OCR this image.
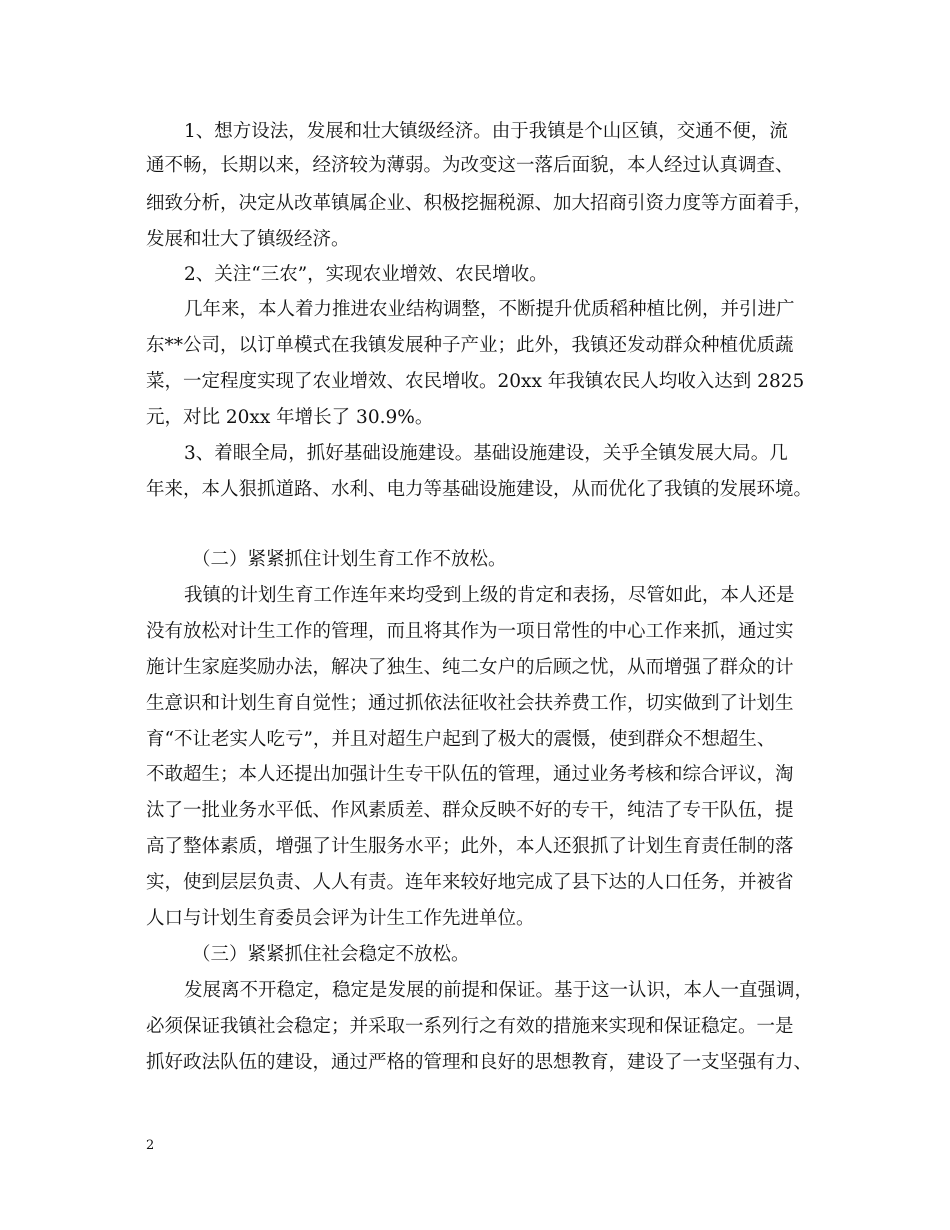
1、想方设法，发展和壮大镇级经济。由于我镇是个山区镇，交通不便，流
通不畅，长期以来，经济较为薄弱。为改变这一落后面貌，本人经过认真调查、
细致分析，决定从改革镇属企业、积极挖掘税源、加大招商引资力度等方面着手，
发展和壮大了镇级经济。
2、关注“三农”，实现农业增效、农民增收。
几年来，本人着力推进农业结构调整，不断提升优质稻种植比例，并引进广
东**公司，以订单模式在我镇发展种子产业；此外，我镇还发动群众种植优质蔬
菜，一定程度实现了农业增效、农民增收。20xx 年我镇农民人均收入达到 2825
元，对比 20xx 年增长了 30.9%。
3、着眼全局，抓好基础设施建设。基础设施建设，关乎全镇发展大局。几
年来，本人狠抓道路、水利、电力等基础设施建设，从而优化了我镇的发展环境。
（二）紧紧抓住计划生育工作不放松。
我镇的计划生育工作连年来均受到上级的肯定和表扬，尽管如此，本人还是
没有放松对计生工作的管理，而且将其作为一项日常性的中心工作来抓，通过实
施计生家庭奖励办法，解决了独生、纯二女户的后顾之忧，从而增强了群众的计
生意识和计划生育自觉性；通过抓依法征收社会扶养费工作，切实做到了计划生
育“不让老实人吃亏”，并且对超生户起到了极大的震慑，使到群众不想超生、
不敢超生；本人还提出加强计生专干队伍的管理，通过业务考核和综合评议，淘
汰了一批业务水平低、作风素质差、群众反映不好的专干，纯洁了专干队伍，提
高了整体素质，增强了计生服务水平；此外，本人还狠抓了计划生育责任制的落
实，使到层层负责、人人有责。连年来较好地完成了县下达的人口任务，并被省
人口与计划生育委员会评为计生工作先进单位。
（三）紧紧抓住社会稳定不放松。
发展离不开稳定，稳定是发展的前提和保证。基于这一认识，本人一直强调，
必须保证我镇社会稳定；并采取一系列行之有效的措施来实现和保证稳定。一是
抓好政法队伍的建设，通过严格的管理和良好的思想教育，建设了一支坚强有力、
2
